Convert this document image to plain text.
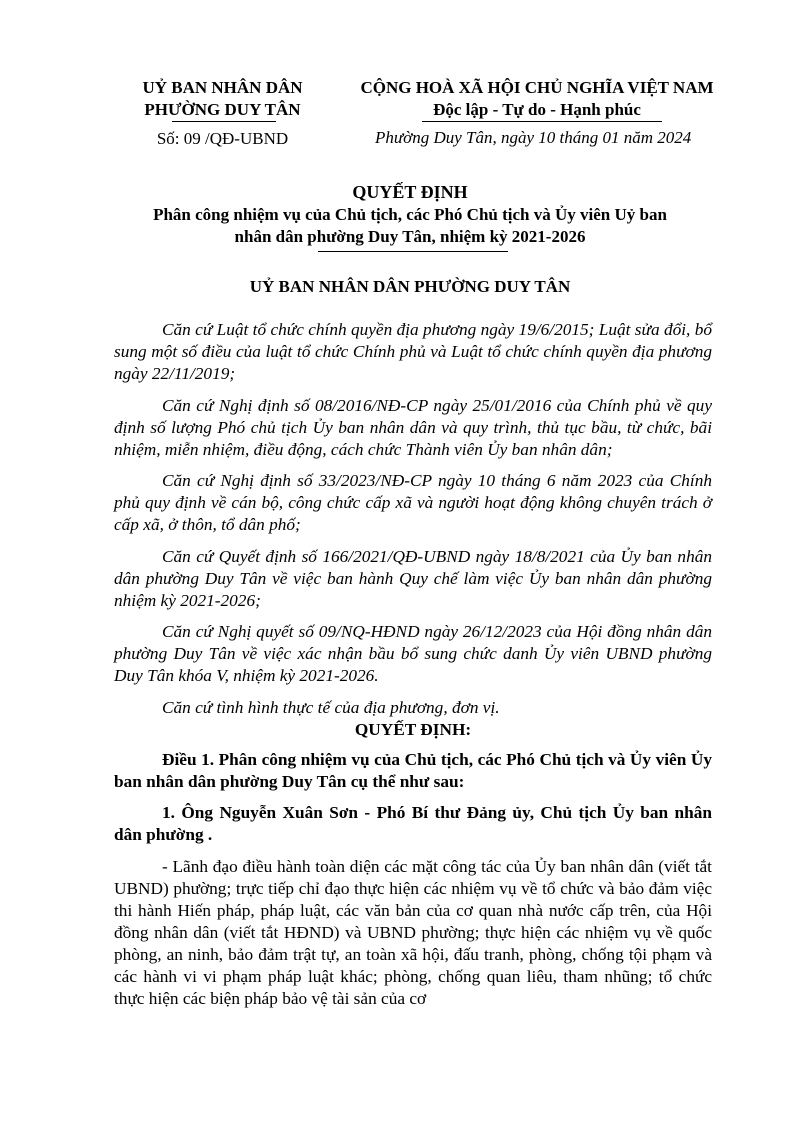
UỶ BAN NHÂN DÂN
PHƯỜNG DUY TÂN
Số: 09 /QĐ-UBND
CỘNG HOÀ XÃ HỘI CHỦ NGHĨA VIỆT NAM
Độc lập - Tự do - Hạnh phúc
Phường Duy Tân, ngày 10 tháng 01 năm 2024
QUYẾT ĐỊNH
Phân công nhiệm vụ của Chủ tịch, các Phó Chủ tịch và Ủy viên Uỷ ban
nhân dân phường Duy Tân, nhiệm kỳ 2021-2026
UỶ BAN NHÂN DÂN PHƯỜNG DUY TÂN

Căn cứ Luật tổ chức chính quyền địa phương ngày 19/6/2015; Luật sửa đổi, bổ sung một số điều của luật tổ chức Chính phủ và Luật tổ chức chính quyền địa phương ngày 22/11/2019;

Căn cứ Nghị định số 08/2016/NĐ-CP ngày 25/01/2016 của Chính phủ về quy định số lượng Phó chủ tịch Ủy ban nhân dân và quy trình, thủ tục bầu, từ chức, bãi nhiệm, miễn nhiệm, điều động, cách chức Thành viên Ủy ban nhân dân;

Căn cứ Nghị định số 33/2023/NĐ-CP ngày 10 tháng 6 năm 2023 của Chính phủ quy định về cán bộ, công chức cấp xã và người hoạt động không chuyên trách ở cấp xã, ở thôn, tổ dân phố;

Căn cứ Quyết định số 166/2021/QĐ-UBND ngày 18/8/2021 của Ủy ban nhân dân phường Duy Tân về việc ban hành Quy chế làm việc Ủy ban nhân dân phường nhiệm kỳ 2021-2026;

Căn cứ Nghị quyết số 09/NQ-HĐND ngày 26/12/2023 của Hội đồng nhân dân phường Duy Tân về việc xác nhận bầu bổ sung chức danh Ủy viên UBND phường Duy Tân khóa V, nhiệm kỳ 2021-2026.

Căn cứ tình hình thực tế của địa phương, đơn vị.

QUYẾT ĐỊNH:

Điều 1. Phân công nhiệm vụ của Chủ tịch, các Phó Chủ tịch và Ủy viên Ủy ban nhân dân phường Duy Tân cụ thể như sau:

1. Ông Nguyễn Xuân Sơn - Phó Bí thư Đảng ủy, Chủ tịch Ủy ban nhân dân phường .

- Lãnh đạo điều hành toàn diện các mặt công tác của Ủy ban nhân dân (viết tắt UBND) phường; trực tiếp chỉ đạo thực hiện các nhiệm vụ về tổ chức và bảo đảm việc thi hành Hiến pháp, pháp luật, các văn bản của cơ quan nhà nước cấp trên, của Hội đồng nhân dân (viết tắt HĐND) và UBND phường; thực hiện các nhiệm vụ về quốc phòng, an ninh, bảo đảm trật tự, an toàn xã hội, đấu tranh, phòng, chống tội phạm và các hành vi vi phạm pháp luật khác; phòng, chống quan liêu, tham nhũng; tổ chức thực hiện các biện pháp bảo vệ tài sản của cơ
